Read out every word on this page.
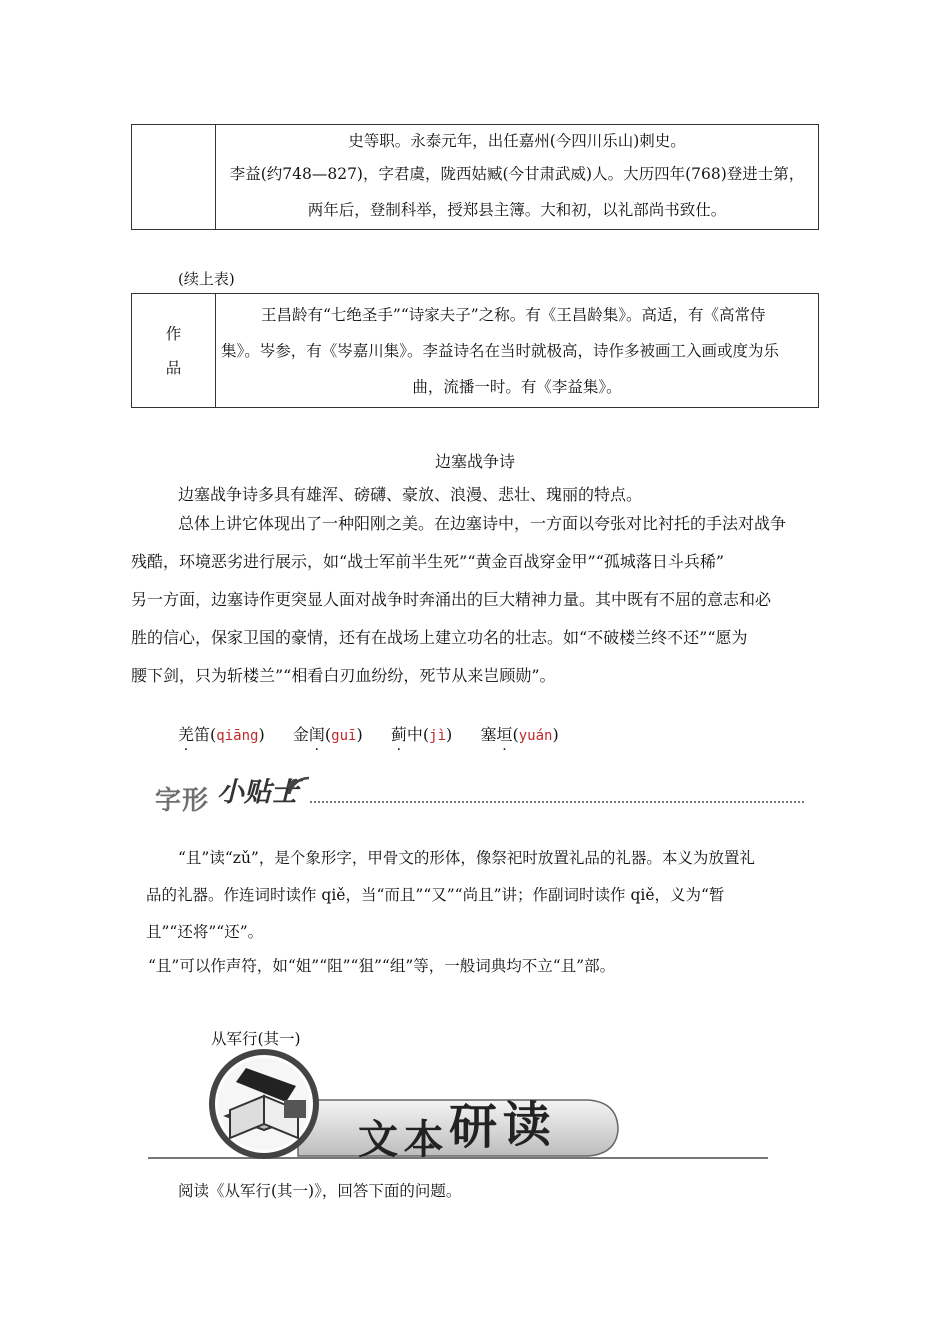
史等职。永泰元年，出任嘉州(今四川乐山)刺史。
李益(约748—827)，字君虞，陇西姑臧(今甘肃武威)人。大历四年(768)登进士第，
两年后，登制科举，授郑县主簿。大和初，以礼部尚书致仕。
(续上表)
作
品

王昌龄有“七绝圣手”“诗家夫子”之称。有《王昌龄集》。高适，有《高常侍
集》。岑参，有《岑嘉川集》。李益诗名在当时就极高，诗作多被画工入画或度为乐
曲，流播一时。有《李益集》。
边塞战争诗
边塞战争诗多具有雄浑、磅礴、豪放、浪漫、悲壮、瑰丽的特点。
总体上讲它体现出了一种阳刚之美。在边塞诗中，一方面以夸张对比衬托的手法对战争
残酷，环境恶劣进行展示，如“战士军前半生死”“黄金百战穿金甲”“孤城落日斗兵稀”
另一方面，边塞诗作更突显人面对战争时奔涌出的巨大精神力量。其中既有不屈的意志和必
胜的信心，保家卫国的豪情，还有在战场上建立功名的壮志。如“不破楼兰终不还”“愿为
腰下剑，只为斩楼兰”“相看白刃血纷纷，死节从来岂顾勋”。
羌笛(qiāng) 金闺(guī) 蓟中(jì) 塞垣(yuán)
字形 小贴士
“且”读“zǔ”，是个象形字，甲骨文的形体，像祭祀时放置礼品的礼器。本义为放置礼
品的礼器。作连词时读作 qiě，当“而且”“又”“尚且”讲；作副词时读作 qiě，义为“暂
且”“还将”“还”。
“且”可以作声符，如“姐”“阻”“狙”“组”等，一般词典均不立“且”部。
从军行(其一)
文 本 研 读
阅读《从军行(其一)》，回答下面的问题。
